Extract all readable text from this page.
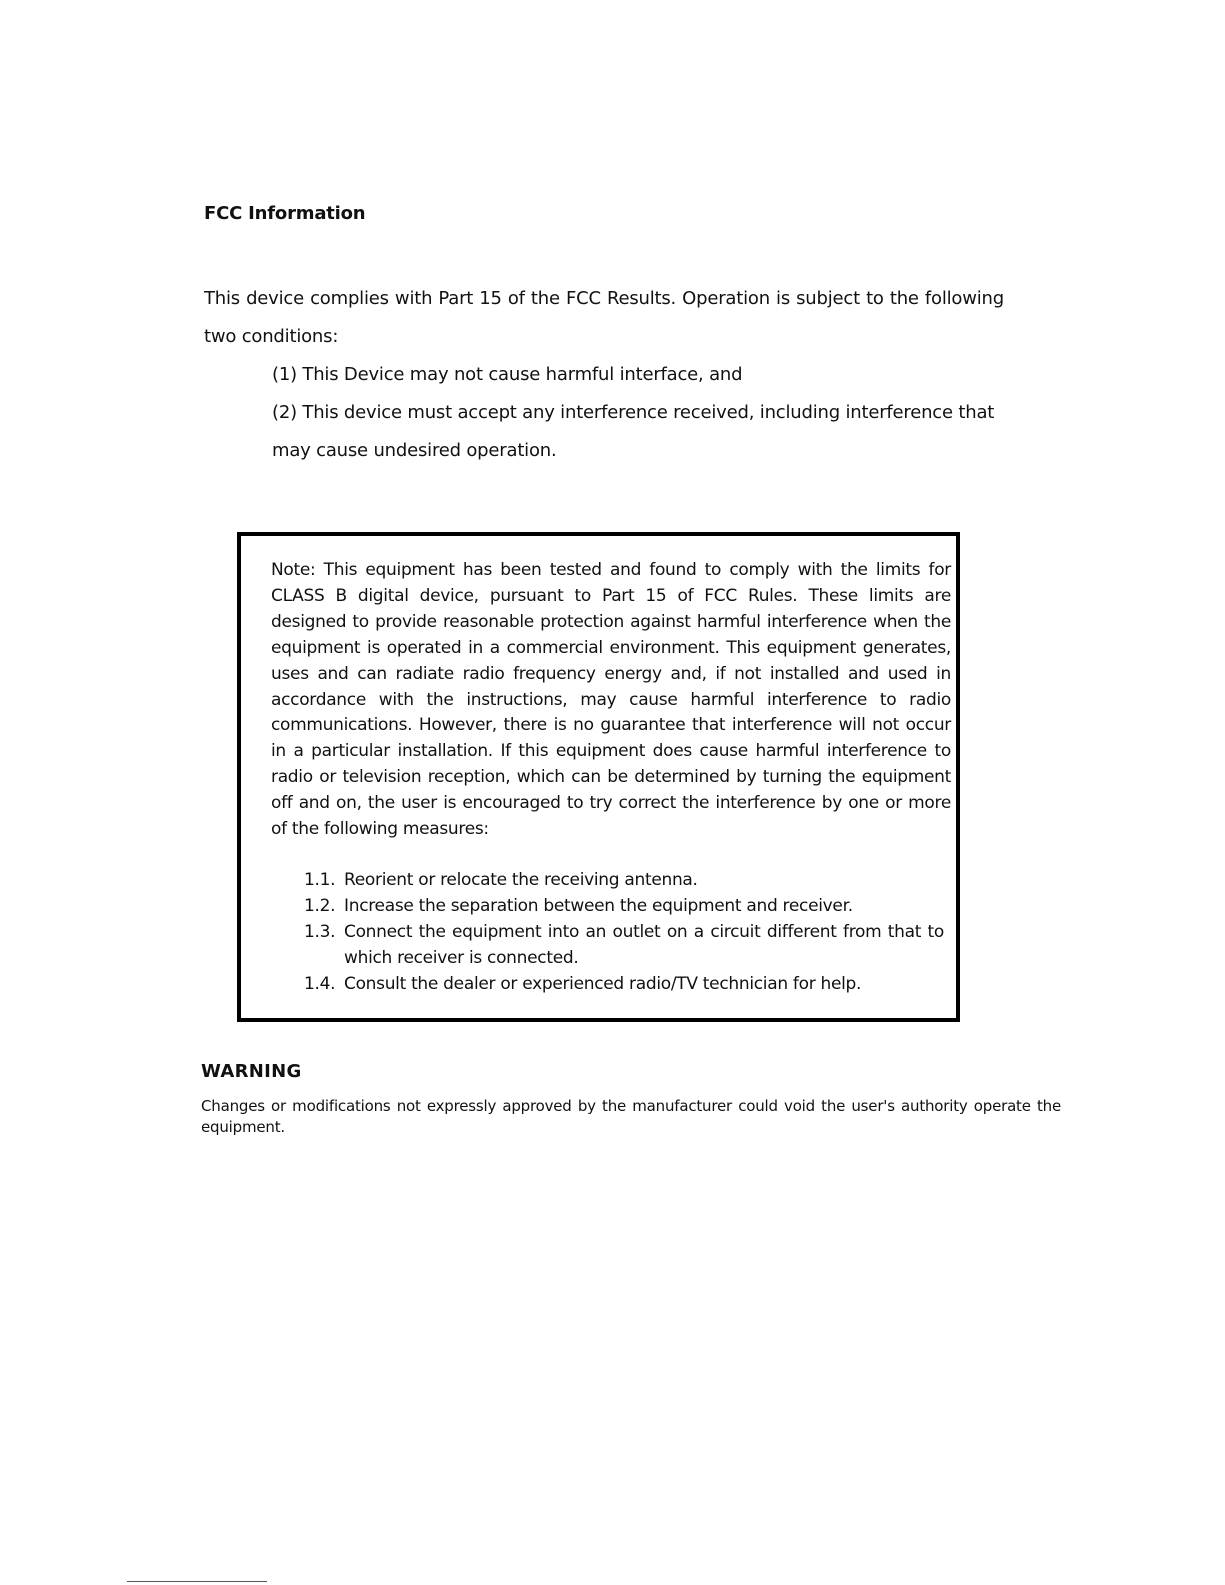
FCC Information

This device complies with Part 15 of the FCC Results. Operation is subject to the following two conditions:

(1) This Device may not cause harmful interface, and
(2) This device must accept any interference received, including interference that may cause undesired operation.

Note: This equipment has been tested and found to comply with the limits for CLASS B digital device, pursuant to Part 15 of FCC Rules. These limits are designed to provide reasonable protection against harmful interference when the equipment is operated in a commercial environment. This equipment generates, uses and can radiate radio frequency energy and, if not installed and used in accordance with the instructions, may cause harmful interference to radio communications. However, there is no guarantee that interference will not occur in a particular installation. If this equipment does cause harmful interference to radio or television reception, which can be determined by turning the equipment off and on, the user is encouraged to try correct the interference by one or more of the following measures:

1.1. Reorient or relocate the receiving antenna.
1.2. Increase the separation between the equipment and receiver.
1.3. Connect the equipment into an outlet on a circuit different from that to which receiver is connected.
1.4. Consult the dealer or experienced radio/TV technician for help.
WARNING

Changes or modifications not expressly approved by the manufacturer could void the user's authority operate the equipment.
